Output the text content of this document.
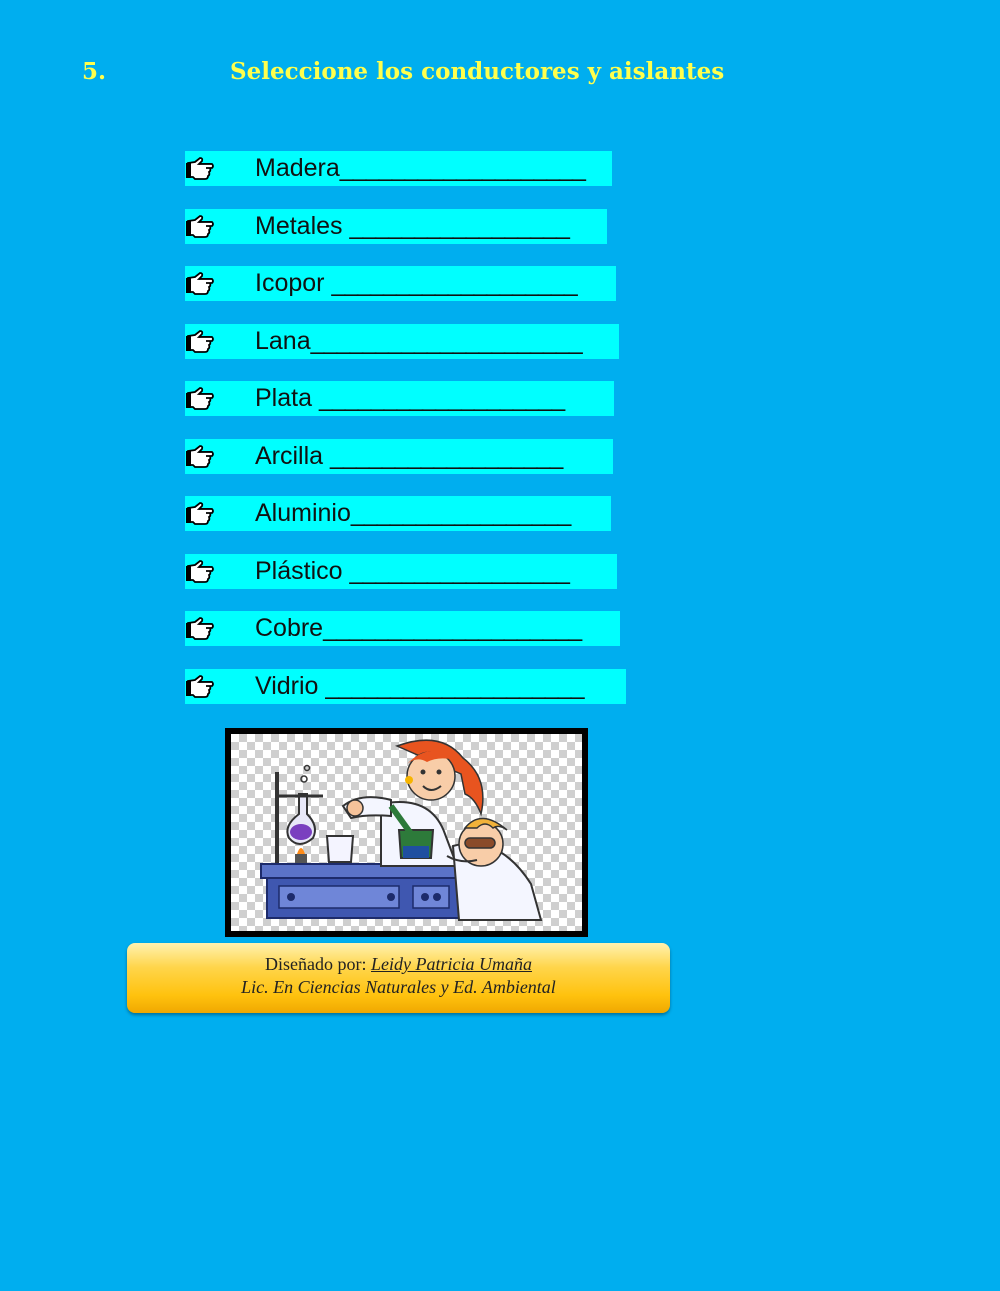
5.	Seleccione los conductores y aislantes
Madera___________________
Metales _________________
Icopor ___________________
Lana_____________________
Plata ___________________
Arcilla __________________
Aluminio_________________
Plástico _________________
Cobre____________________
Vidrio ____________________
Diseñado por: Leidy Patricia Umaña
Lic. En Ciencias Naturales y Ed. Ambiental
